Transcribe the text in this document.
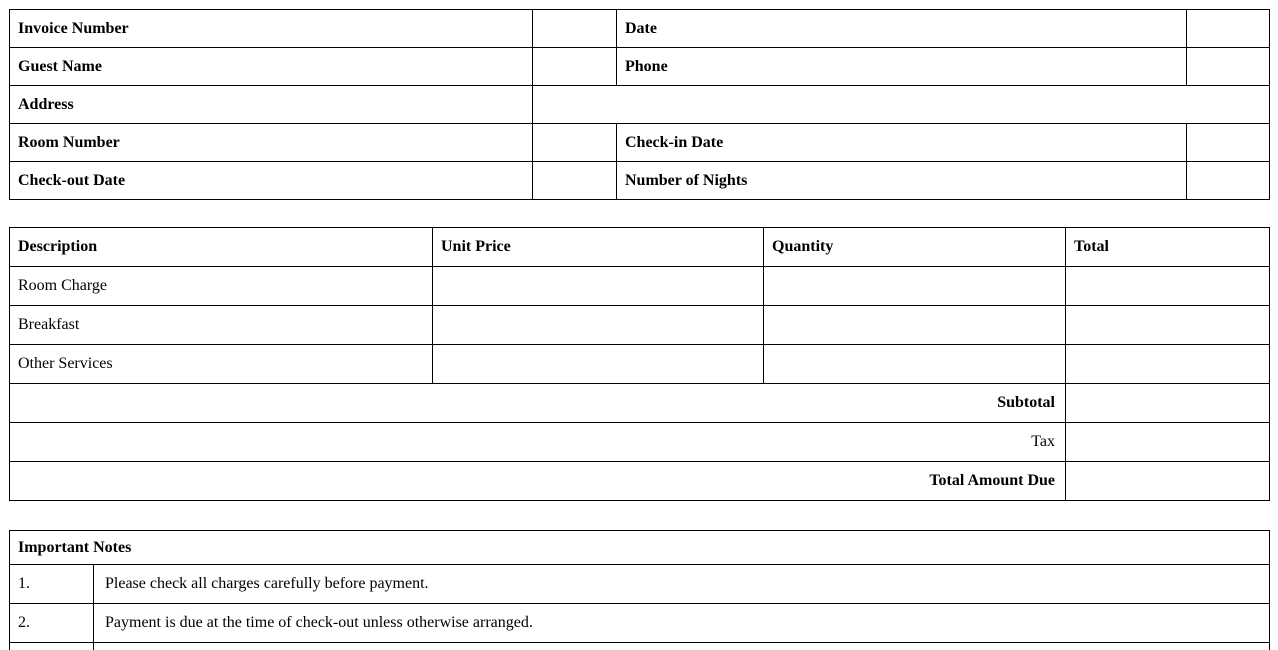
Invoice Number		Date	
Guest Name		Phone	
Address			
Room Number		Check-in Date	
Check-out Date		Number of Nights	
Description	Unit Price	Quantity	Total
Room Charge			
Breakfast			
Other Services			
Subtotal			
Tax			
Total Amount Due			
Important Notes	
1.	Please check all charges carefully before payment.
2.	Payment is due at the time of check-out unless otherwise arranged.
